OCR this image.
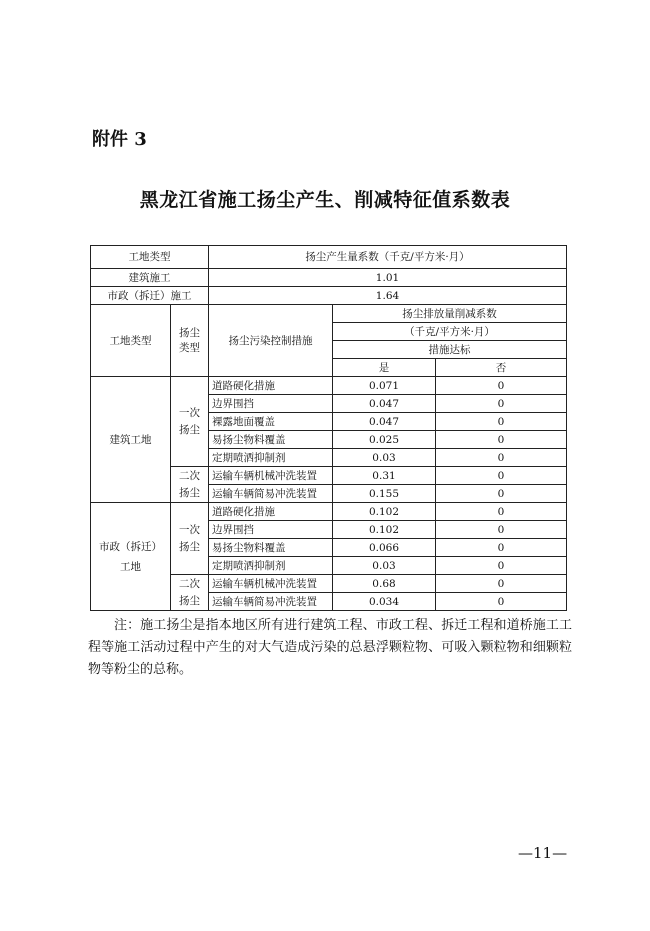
附件 3
黑龙江省施工扬尘产生、削减特征值系数表
工地类型		扬尘产生量系数（千克/平方米·月）		
建筑施工		1.01		
市政（拆迁）施工		1.64		
工地类型	扬尘类型	扬尘污染控制措施	扬尘排放量削减系数	
			（千克/平方米·月）	
			措施达标	
			是	否
建筑工地	一次扬尘	道路硬化措施	0.071	0
		边界围挡	0.047	0
		裸露地面覆盖	0.047	0
		易扬尘物料覆盖	0.025	0
		定期喷洒抑制剂	0.03	0
	二次扬尘	运输车辆机械冲洗装置	0.31	0
		运输车辆简易冲洗装置	0.155	0
市政（拆迁）工地	一次扬尘	道路硬化措施	0.102	0
		边界围挡	0.102	0
		易扬尘物料覆盖	0.066	0
		定期喷洒抑制剂	0.03	0
	二次扬尘	运输车辆机械冲洗装置	0.68	0
		运输车辆简易冲洗装置	0.034	0
注：施工扬尘是指本地区所有进行建筑工程、市政工程、拆迁工程和道桥施工工程等施工活动过程中产生的对大气造成污染的总悬浮颗粒物、可吸入颗粒物和细颗粒物等粉尘的总称。
—11—
